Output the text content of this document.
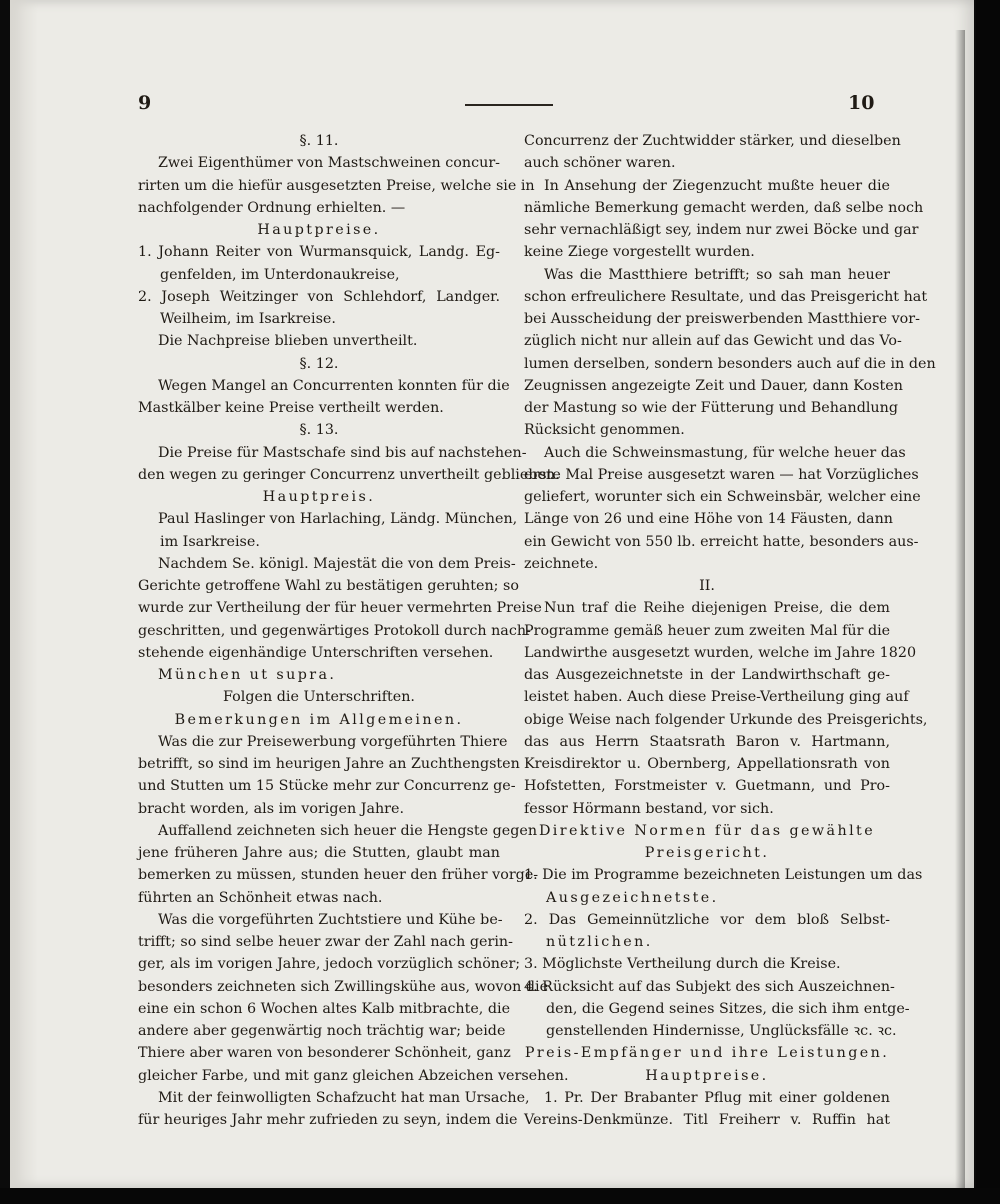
9	10
§. 11.
Zwei Eigenthümer von Mastschweinen concur-
rirten um die hiefür ausgesetzten Preise, welche sie in
nachfolgender Ordnung erhielten. —
Hauptpreise.
1. Johann Reiter von Wurmansquick, Landg. Eg-
genfelden, im Unterdonaukreise,
2. Joseph Weitzinger von Schlehdorf, Landger.
Weilheim, im Isarkreise.
Die Nachpreise blieben unvertheilt.
§. 12.
Wegen Mangel an Concurrenten konnten für die
Mastkälber keine Preise vertheilt werden.
§. 13.
Die Preise für Mastschafe sind bis auf nachstehen-
den wegen zu geringer Concurrenz unvertheilt geblieben.
Hauptpreis.
Paul Haslinger von Harlaching, Ländg. München,
im Isarkreise.
Nachdem Se. königl. Majestät die von dem Preis-
Gerichte getroffene Wahl zu bestätigen geruhten; so
wurde zur Vertheilung der für heuer vermehrten Preise
geschritten, und gegenwärtiges Protokoll durch nach-
stehende eigenhändige Unterschriften versehen.
München ut supra.
Folgen die Unterschriften.
Bemerkungen im Allgemeinen.
Was die zur Preisewerbung vorgeführten Thiere
betrifft, so sind im heurigen Jahre an Zuchthengsten
und Stutten um 15 Stücke mehr zur Concurrenz ge-
bracht worden, als im vorigen Jahre.
Auffallend zeichneten sich heuer die Hengste gegen
jene früheren Jahre aus; die Stutten, glaubt man
bemerken zu müssen, stunden heuer den früher vorge-
führten an Schönheit etwas nach.
Was die vorgeführten Zuchtstiere und Kühe be-
trifft; so sind selbe heuer zwar der Zahl nach gerin-
ger, als im vorigen Jahre, jedoch vorzüglich schöner;
besonders zeichneten sich Zwillingskühe aus, wovon die
eine ein schon 6 Wochen altes Kalb mitbrachte, die
andere aber gegenwärtig noch trächtig war; beide
Thiere aber waren von besonderer Schönheit, ganz
gleicher Farbe, und mit ganz gleichen Abzeichen versehen.
Mit der feinwolligten Schafzucht hat man Ursache,
für heuriges Jahr mehr zufrieden zu seyn, indem die
Concurrenz der Zuchtwidder stärker, und dieselben
auch schöner waren.
In Ansehung der Ziegenzucht mußte heuer die
nämliche Bemerkung gemacht werden, daß selbe noch
sehr vernachläßigt sey, indem nur zwei Böcke und gar
keine Ziege vorgestellt wurden.
Was die Mastthiere betrifft; so sah man heuer
schon erfreulichere Resultate, und das Preisgericht hat
bei Ausscheidung der preiswerbenden Mastthiere vor-
züglich nicht nur allein auf das Gewicht und das Vo-
lumen derselben, sondern besonders auch auf die in den
Zeugnissen angezeigte Zeit und Dauer, dann Kosten
der Mastung so wie der Fütterung und Behandlung
Rücksicht genommen.
Auch die Schweinsmastung, für welche heuer das
erste Mal Preise ausgesetzt waren — hat Vorzügliches
geliefert, worunter sich ein Schweinsbär, welcher eine
Länge von 26 und eine Höhe von 14 Fäusten, dann
ein Gewicht von 550 lb. erreicht hatte, besonders aus-
zeichnete.
II.
Nun traf die Reihe diejenigen Preise, die dem
Programme gemäß heuer zum zweiten Mal für die
Landwirthe ausgesetzt wurden, welche im Jahre 1820
das Ausgezeichnetste in der Landwirthschaft ge-
leistet haben. Auch diese Preise-Vertheilung ging auf
obige Weise nach folgender Urkunde des Preisgerichts,
das aus Herrn Staatsrath Baron v. Hartmann,
Kreisdirektor u. Obernberg, Appellationsrath von
Hofstetten, Forstmeister v. Guetmann, und Pro-
fessor Hörmann bestand, vor sich.
Direktive Normen für das gewählte
Preisgericht.
1. Die im Programme bezeichneten Leistungen um das
Ausgezeichnetste.
2. Das Gemeinnützliche vor dem bloß Selbst-
nützlichen.
3. Möglichste Vertheilung durch die Kreise.
4. Rücksicht auf das Subjekt des sich Auszeichnen-
den, die Gegend seines Sitzes, die sich ihm entge-
genstellenden Hindernisse, Unglücksfälle ꝛc. ꝛc.
Preis-Empfänger und ihre Leistungen.
Hauptpreise.
1. Pr. Der Brabanter Pflug mit einer goldenen
Vereins-Denkmünze. Titl Freiherr v. Ruffin hat
